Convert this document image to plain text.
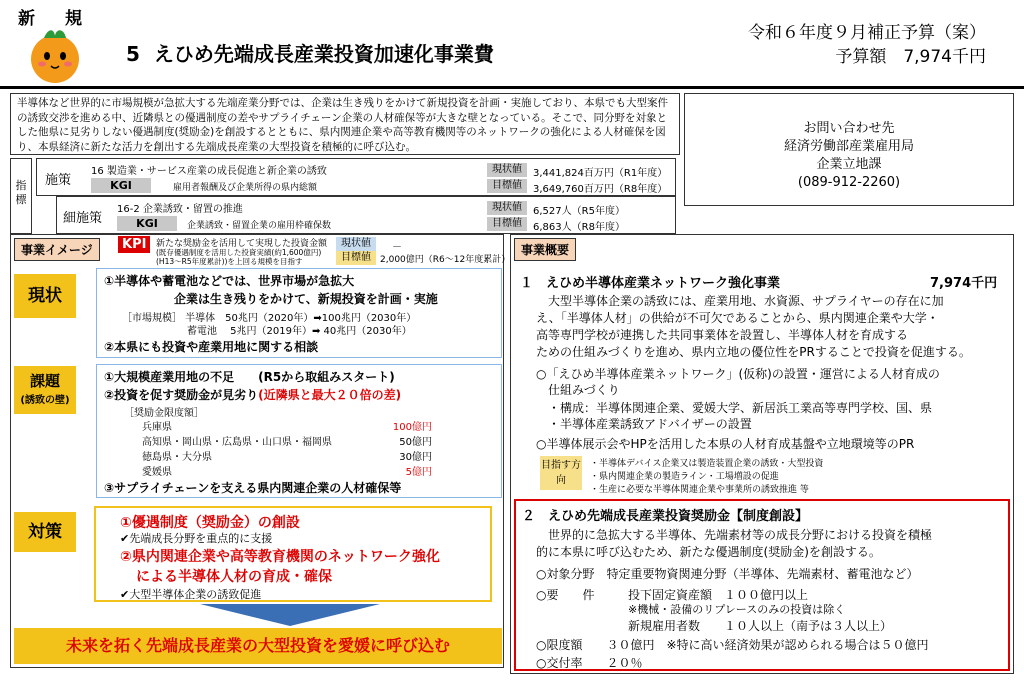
新規
5 えひめ先端成長産業投資加速化事業費
令和６年度９月補正予算（案）
予算額　7,974千円
半導体など世界的に市場規模が急拡大する先端産業分野では、企業は生き残りをかけて新規投資を計画・実施しており、本県でも大型案件の誘致交渉を進める中、近隣県との優遇制度の差やサプライチェーン企業の人材確保等が大きな壁となっている。そこで、同分野を対象とした他県に見劣りしない優遇制度(奨励金)を創設するとともに、県内関連企業や高等教育機関等のネットワークの強化による人材確保を図り、本県経済に新たな活力を創出する先端成長産業の大型投資を積極的に呼び込む。
お問い合わせ先
経済労働部産業雇用局
企業立地課
(089-912-2260)
指標
施策
16 製造業・サービス産業の成長促進と新企業の誘致
KGI	雇用者報酬及び企業所得の県内総額
現状値	3,441,824百万円（R1年度）
目標値	3,649,760百万円（R8年度）
細施策
16-2 企業誘致・留置の推進
KGI	企業誘致・留置企業の雇用枠確保数
現状値	6,527人（R5年度）
目標値	6,863人（R8年度）
事業イメージ	KPI	新たな奨励金を活用して実現した投資金額
(既存優遇制度を活用した投資実績(約1,600億円)
(H13～R5年度累計))を上回る規模を目指す
現状値	－
目標値	2,000億円（R6～12年度累計）
現状
①半導体や蓄電池などでは、世界市場が急拡大
企業は生き残りをかけて、新規投資を計画・実施
［市場規模］ 半導体　50兆円（2020年）➡100兆円（2030年）
蓄電池　 5兆円（2019年）➡ 40兆円（2030年）
②本県にも投資や産業用地に関する相談
課題
(誘致の壁)
①大規模産業用地の不足　　(R5から取組みスタート)
②投資を促す奨励金が見劣り(近隣県と最大２０倍の差)
［奨励金限度額］
兵庫県	100億円
高知県・岡山県・広島県・山口県・福岡県	50億円
徳島県・大分県	30億円
愛媛県	5億円
③サプライチェーンを支える県内関連企業の人材確保等
対策	①優遇制度（奨励金）の創設
✔先端成長分野を重点的に支援
②県内関連企業や高等教育機関のネットワーク強化
による半導体人材の育成・確保
✔大型半導体企業の誘致促進
未来を拓く先端成長産業の大型投資を愛媛に呼び込む
事業概要
１　えひめ半導体産業ネットワーク強化事業	7,974千円
大型半導体企業の誘致には、産業用地、水資源、サプライヤーの存在に加
え、「半導体人材」の供給が不可欠であることから、県内関連企業や大学・
高等専門学校が連携した共同事業体を設置し、半導体人材を育成する
ための仕組みづくりを進め、県内立地の優位性をPRすることで投資を促進する。
○「えひめ半導体産業ネットワーク」(仮称)の設置・運営による人材育成の
仕組みづくり
・構成：半導体関連企業、愛媛大学、新居浜工業高等専門学校、国、県
・半導体産業誘致アドバイザーの設置
○半導体展示会やHPを活用した本県の人材育成基盤や立地環境等のPR
目指す方向
・半導体デバイス企業又は製造装置企業の誘致・大型投資
・県内関連企業の製造ライン・工場増設の促進
・生産に必要な半導体関連企業や事業所の誘致推進 等
２　えひめ先端成長産業投資奨励金【制度創設】
世界的に急拡大する半導体、先端素材等の成長分野における投資を積極
的に本県に呼び込むため、新たな優遇制度(奨励金)を創設する。
○対象分野　特定重要物資関連分野（半導体、先端素材、蓄電池など）
○要　　件	投下固定資産額　１００億円以上
※機械・設備のリプレースのみの投資は除く
新規雇用者数　　１０人以上（南予は３人以上）
○限度額　　３０億円　※特に高い経済効果が認められる場合は５０億円
○交付率　　２０％
